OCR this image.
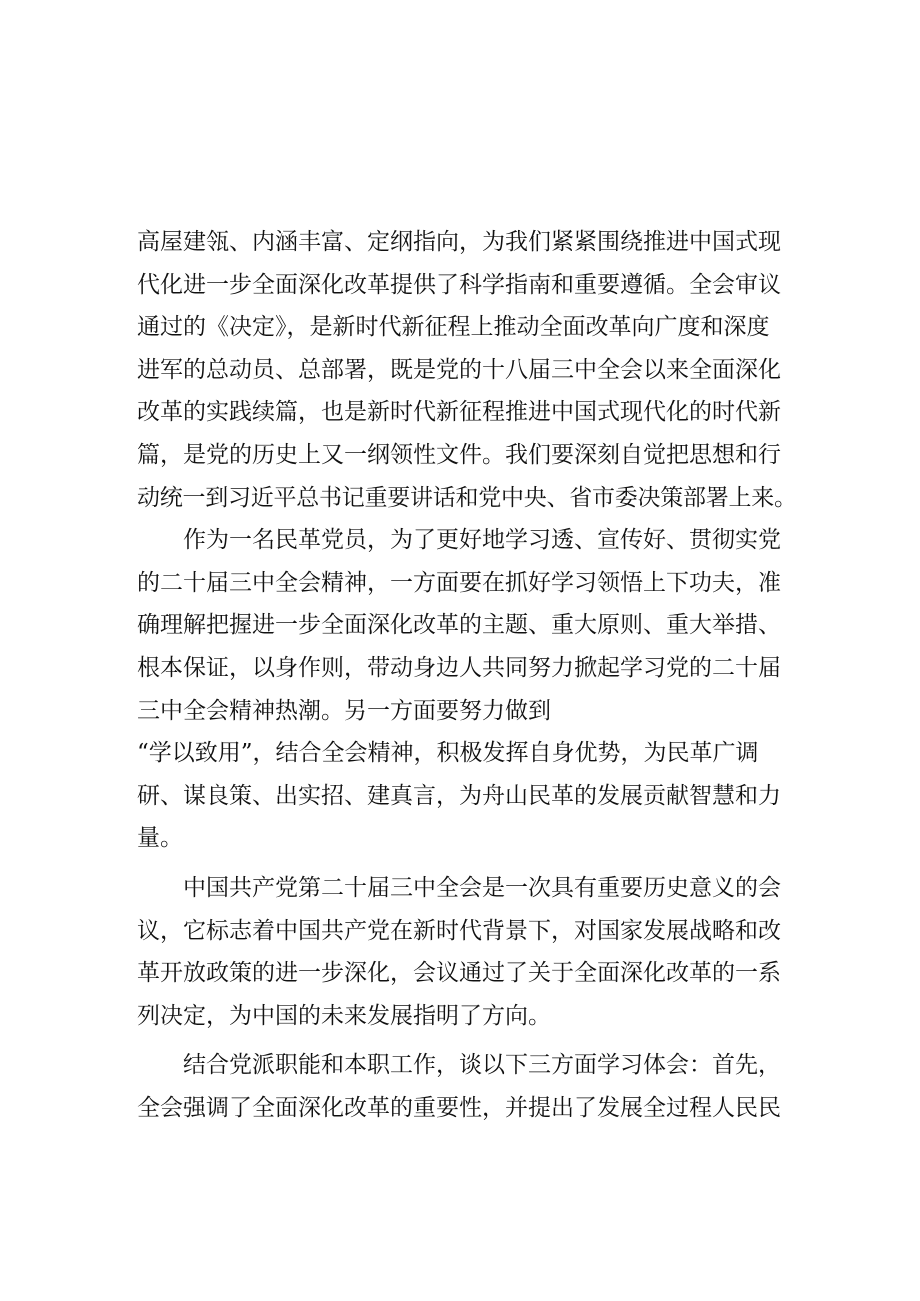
高屋建瓴、内涵丰富、定纲指向，为我们紧紧围绕推进中国式现
代化进一步全面深化改革提供了科学指南和重要遵循。全会审议
通过的《决定》，是新时代新征程上推动全面改革向广度和深度
进军的总动员、总部署，既是党的十八届三中全会以来全面深化
改革的实践续篇，也是新时代新征程推进中国式现代化的时代新
篇，是党的历史上又一纲领性文件。我们要深刻自觉把思想和行
动统一到习近平总书记重要讲话和党中央、省市委决策部署上来。
作为一名民革党员，为了更好地学习透、宣传好、贯彻实党
的二十届三中全会精神，一方面要在抓好学习领悟上下功夫，准
确理解把握进一步全面深化改革的主题、重大原则、重大举措、
根本保证，以身作则，带动身边人共同努力掀起学习党的二十届
三中全会精神热潮。另一方面要努力做到
“学以致用”，结合全会精神，积极发挥自身优势，为民革广调
研、谋良策、出实招、建真言，为舟山民革的发展贡献智慧和力
量。
中国共产党第二十届三中全会是一次具有重要历史意义的会
议，它标志着中国共产党在新时代背景下，对国家发展战略和改
革开放政策的进一步深化，会议通过了关于全面深化改革的一系
列决定，为中国的未来发展指明了方向。
结合党派职能和本职工作，谈以下三方面学习体会：首先，
全会强调了全面深化改革的重要性，并提出了发展全过程人民民
